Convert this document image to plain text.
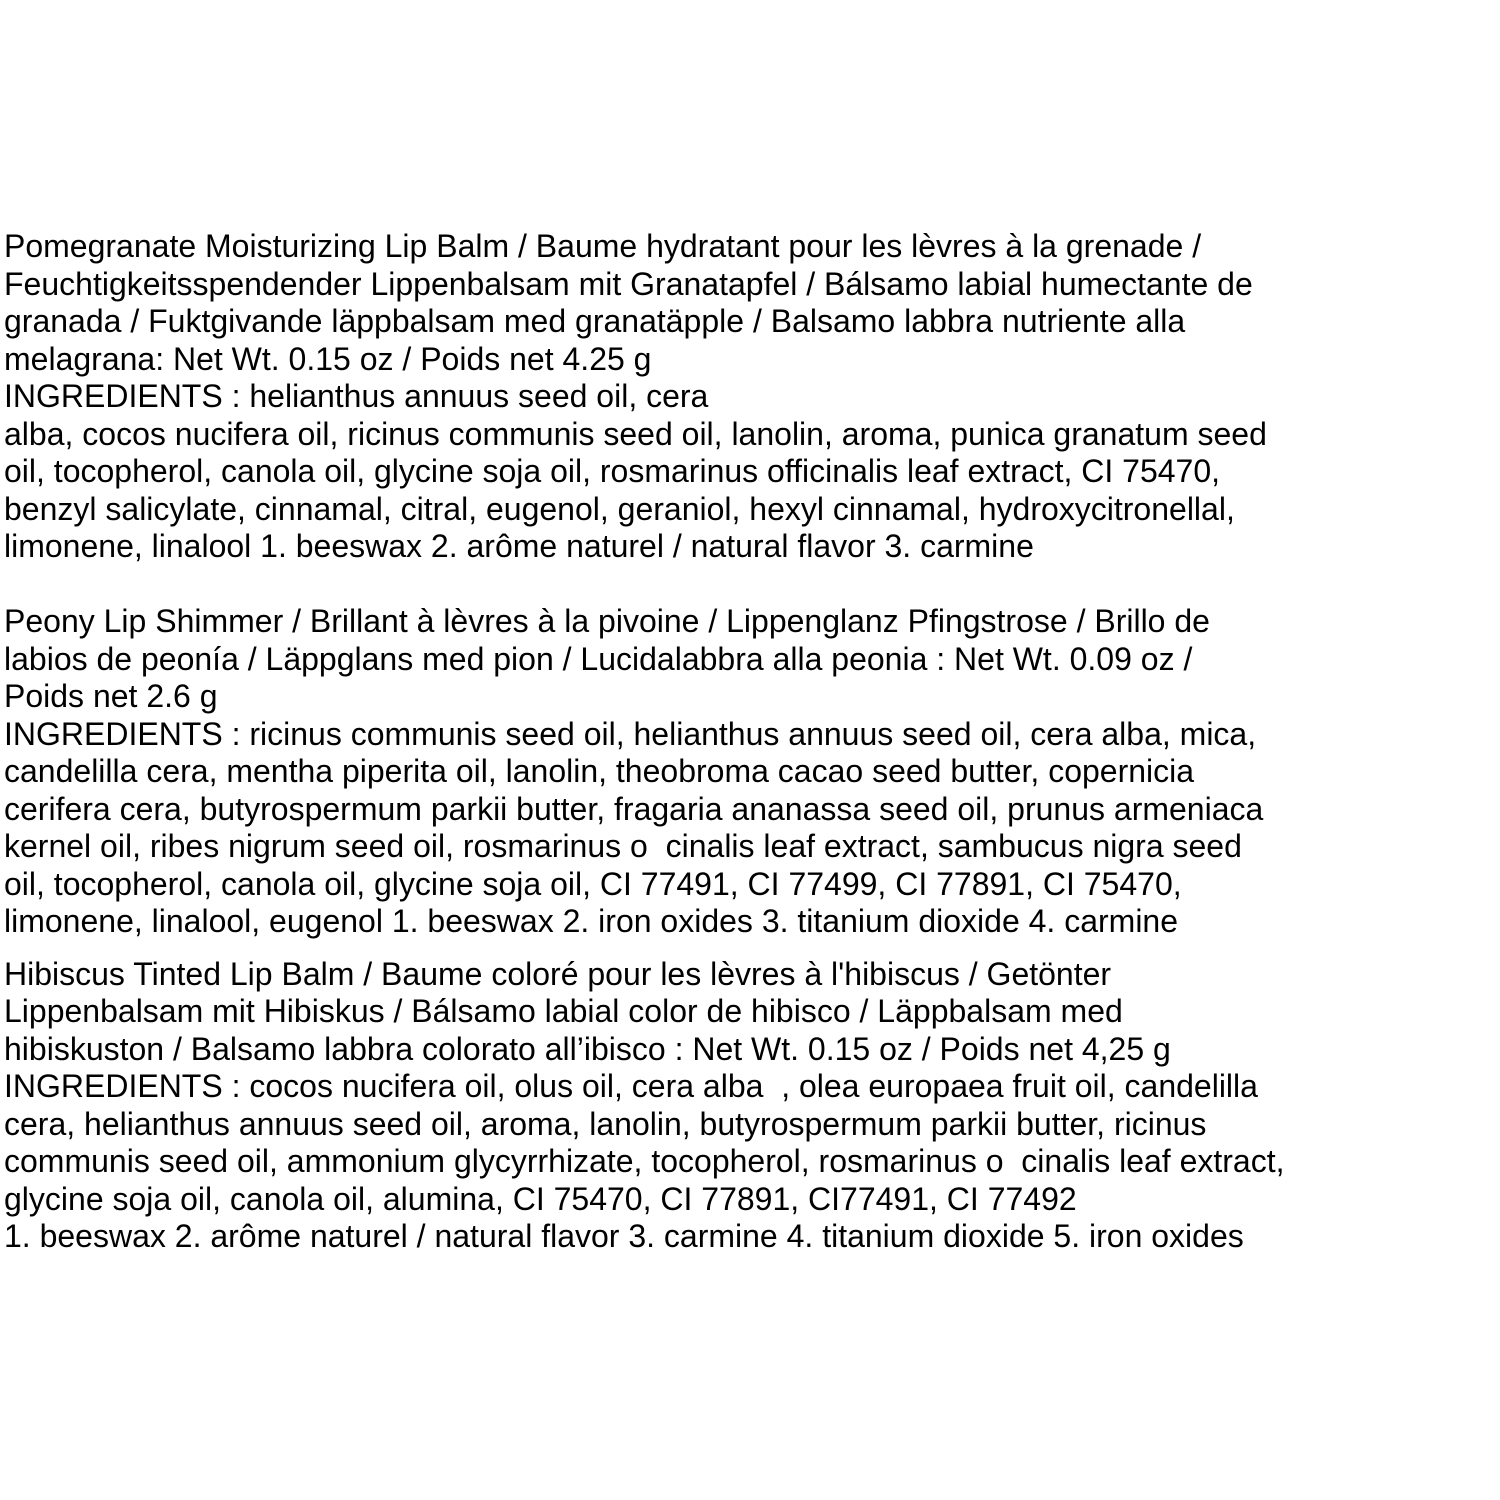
Pomegranate Moisturizing Lip Balm / Baume hydratant pour les lèvres à la grenade /
Feuchtigkeitsspendender Lippenbalsam mit Granatapfel / Bálsamo labial humectante de
granada / Fuktgivande läppbalsam med granatäpple / Balsamo labbra nutriente alla
melagrana: Net Wt. 0.15 oz / Poids net 4.25 g
INGREDIENTS : helianthus annuus seed oil, cera
alba, cocos nucifera oil, ricinus communis seed oil, lanolin, aroma, punica granatum seed
oil, tocopherol, canola oil, glycine soja oil, rosmarinus officinalis leaf extract, CI 75470,
benzyl salicylate, cinnamal, citral, eugenol, geraniol, hexyl cinnamal, hydroxycitronellal,
limonene, linalool 1. beeswax 2. arôme naturel / natural flavor 3. carmine
Peony Lip Shimmer / Brillant à lèvres à la pivoine / Lippenglanz Pfingstrose / Brillo de
labios de peonía / Läppglans med pion / Lucidalabbra alla peonia : Net Wt. 0.09 oz /
Poids net 2.6 g
INGREDIENTS : ricinus communis seed oil, helianthus annuus seed oil, cera alba, mica,
candelilla cera, mentha piperita oil, lanolin, theobroma cacao seed butter, copernicia
cerifera cera, butyrospermum parkii butter, fragaria ananassa seed oil, prunus armeniaca
kernel oil, ribes nigrum seed oil, rosmarinus o  cinalis leaf extract, sambucus nigra seed
oil, tocopherol, canola oil, glycine soja oil, CI 77491, CI 77499, CI 77891, CI 75470,
limonene, linalool, eugenol 1. beeswax 2. iron oxides 3. titanium dioxide 4. carmine
Hibiscus Tinted Lip Balm / Baume coloré pour les lèvres à l'hibiscus / Getönter
Lippenbalsam mit Hibiskus / Bálsamo labial color de hibisco / Läppbalsam med
hibiskuston / Balsamo labbra colorato all’ibisco : Net Wt. 0.15 oz / Poids net 4,25 g
INGREDIENTS : cocos nucifera oil, olus oil, cera alba  , olea europaea fruit oil, candelilla
cera, helianthus annuus seed oil, aroma, lanolin, butyrospermum parkii butter, ricinus
communis seed oil, ammonium glycyrrhizate, tocopherol, rosmarinus o  cinalis leaf extract,
glycine soja oil, canola oil, alumina, CI 75470, CI 77891, CI77491, CI 77492
1. beeswax 2. arôme naturel / natural flavor 3. carmine 4. titanium dioxide 5. iron oxides
